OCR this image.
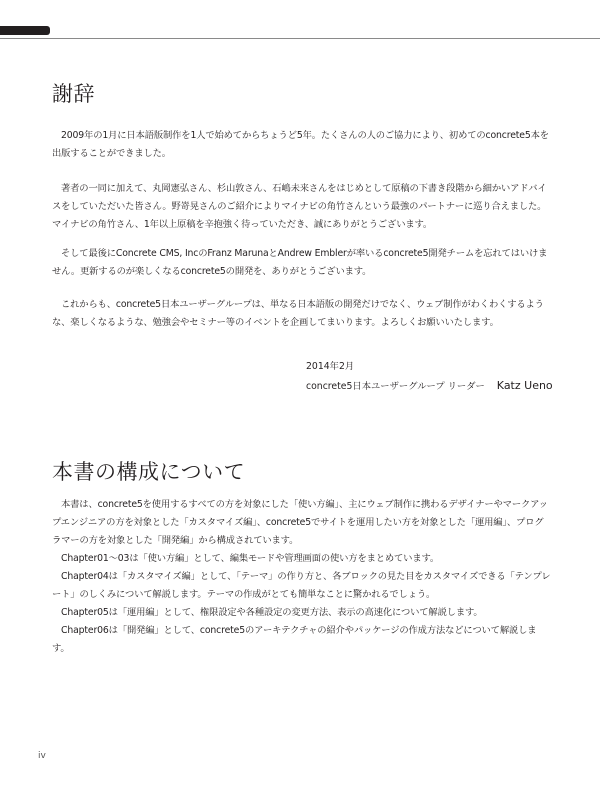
謝辞

2009年の1月に日本語版制作を1人で始めてからちょうど5年。たくさんの人のご協力により、初めてのconcrete5本を出版することができました。

著者の一同に加えて、丸岡憲弘さん、杉山敦さん、石嶋未来さんをはじめとして原稿の下書き段階から細かいアドバイスをしていただいた皆さん。野嵜晃さんのご紹介によりマイナビの角竹さんという最強のパートナーに巡り合えました。マイナビの角竹さん、1年以上原稿を辛抱強く待っていただき、誠にありがとうございます。

そして最後にConcrete CMS, IncのFranz MarunaとAndrew Emblerが率いるconcrete5開発チームを忘れてはいけません。更新するのが楽しくなるconcrete5の開発を、ありがとうございます。

これからも、concrete5日本ユーザーグループは、単なる日本語版の開発だけでなく、ウェブ制作がわくわくするような、楽しくなるような、勉強会やセミナー等のイベントを企画してまいります。よろしくお願いいたします。

2014年2月
concrete5日本ユーザーグループ リーダー Katz Ueno
本書の構成について

本書は、concrete5を使用するすべての方を対象にした「使い方編」、主にウェブ制作に携わるデザイナーやマークアップエンジニアの方を対象とした「カスタマイズ編」、concrete5でサイトを運用したい方を対象とした「運用編」、プログラマーの方を対象とした「開発編」から構成されています。

Chapter01〜03は「使い方編」として、編集モードや管理画面の使い方をまとめています。

Chapter04は「カスタマイズ編」として、「テーマ」の作り方と、各ブロックの見た目をカスタマイズできる「テンプレート」のしくみについて解説します。テーマの作成がとても簡単なことに驚かれるでしょう。

Chapter05は「運用編」として、権限設定や各種設定の変更方法、表示の高速化について解説します。

Chapter06は「開発編」として、concrete5のアーキテクチャの紹介やパッケージの作成方法などについて解説します。

iv
